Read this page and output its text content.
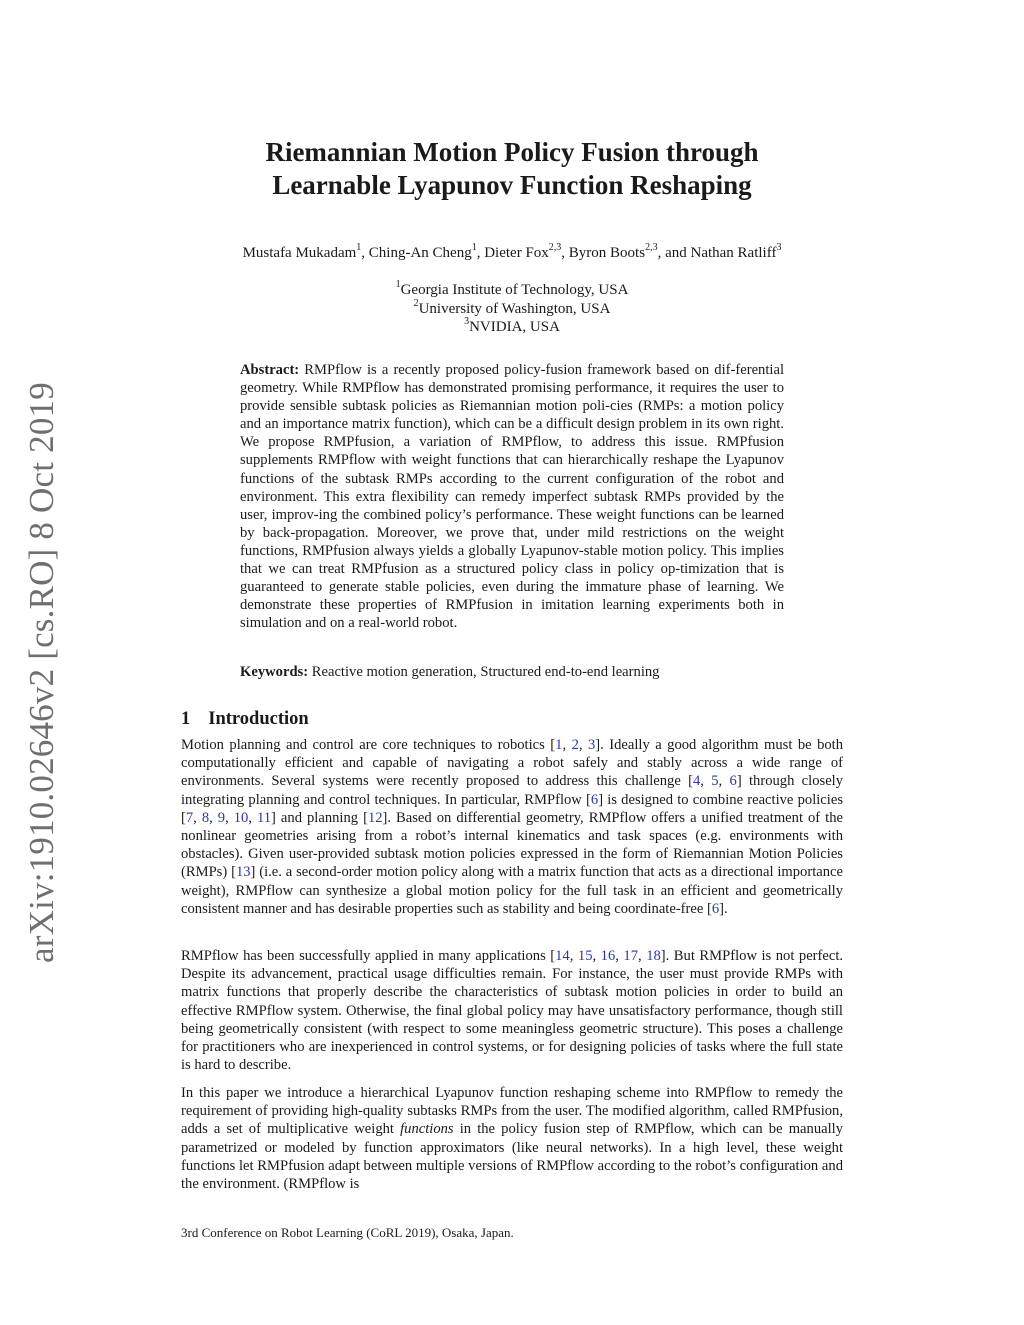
arXiv:1910.02646v2 [cs.RO] 8 Oct 2019
Riemannian Motion Policy Fusion through
Learnable Lyapunov Function Reshaping
Mustafa Mukadam$^1$, Ching-An Cheng$^1$, Dieter Fox$^{2,3}$, Byron Boots$^{2,3}$, and Nathan Ratliff$^3$
$^1$Georgia Institute of Technology, USA
$^2$University of Washington, USA
$^3$NVIDIA, USA
Abstract: RMPflow is a recently proposed policy-fusion framework based on dif-ferential geometry. While RMPflow has demonstrated promising performance, it requires the user to provide sensible subtask policies as Riemannian motion poli-cies (RMPs: a motion policy and an importance matrix function), which can be a difficult design problem in its own right. We propose RMPfusion, a variation of RMPflow, to address this issue. RMPfusion supplements RMPflow with weight functions that can hierarchically reshape the Lyapunov functions of the subtask RMPs according to the current configuration of the robot and environment. This extra flexibility can remedy imperfect subtask RMPs provided by the user, improv-ing the combined policy’s performance. These weight functions can be learned by back-propagation. Moreover, we prove that, under mild restrictions on the weight functions, RMPfusion always yields a globally Lyapunov-stable motion policy. This implies that we can treat RMPfusion as a structured policy class in policy op-timization that is guaranteed to generate stable policies, even during the immature phase of learning. We demonstrate these properties of RMPfusion in imitation learning experiments both in simulation and on a real-world robot.
Keywords: Reactive motion generation, Structured end-to-end learning
1 Introduction

Motion planning and control are core techniques to robotics [1, 2, 3]. Ideally a good algorithm must be both computationally efficient and capable of navigating a robot safely and stably across a wide range of environments. Several systems were recently proposed to address this challenge [4, 5, 6] through closely integrating planning and control techniques. In particular, RMPflow [6] is designed to combine reactive policies [7, 8, 9, 10, 11] and planning [12]. Based on differential geometry, RMPflow offers a unified treatment of the nonlinear geometries arising from a robot’s internal kinematics and task spaces (e.g. environments with obstacles). Given user-provided subtask motion policies expressed in the form of Riemannian Motion Policies (RMPs) [13] (i.e. a second-order motion policy along with a matrix function that acts as a directional importance weight), RMPflow can synthesize a global motion policy for the full task in an efficient and geometrically consistent manner and has desirable properties such as stability and being coordinate-free [6].

RMPflow has been successfully applied in many applications [14, 15, 16, 17, 18]. But RMPflow is not perfect. Despite its advancement, practical usage difficulties remain. For instance, the user must provide RMPs with matrix functions that properly describe the characteristics of subtask motion policies in order to build an effective RMPflow system. Otherwise, the final global policy may have unsatisfactory performance, though still being geometrically consistent (with respect to some meaningless geometric structure). This poses a challenge for practitioners who are inexperienced in control systems, or for designing policies of tasks where the full state is hard to describe.

In this paper we introduce a hierarchical Lyapunov function reshaping scheme into RMPflow to remedy the requirement of providing high-quality subtasks RMPs from the user. The modified algorithm, called RMPfusion, adds a set of multiplicative weight functions in the policy fusion step of RMPflow, which can be manually parametrized or modeled by function approximators (like neural networks). In a high level, these weight functions let RMPfusion adapt between multiple versions of RMPflow according to the robot’s configuration and the environment. (RMPflow is

3rd Conference on Robot Learning (CoRL 2019), Osaka, Japan.
